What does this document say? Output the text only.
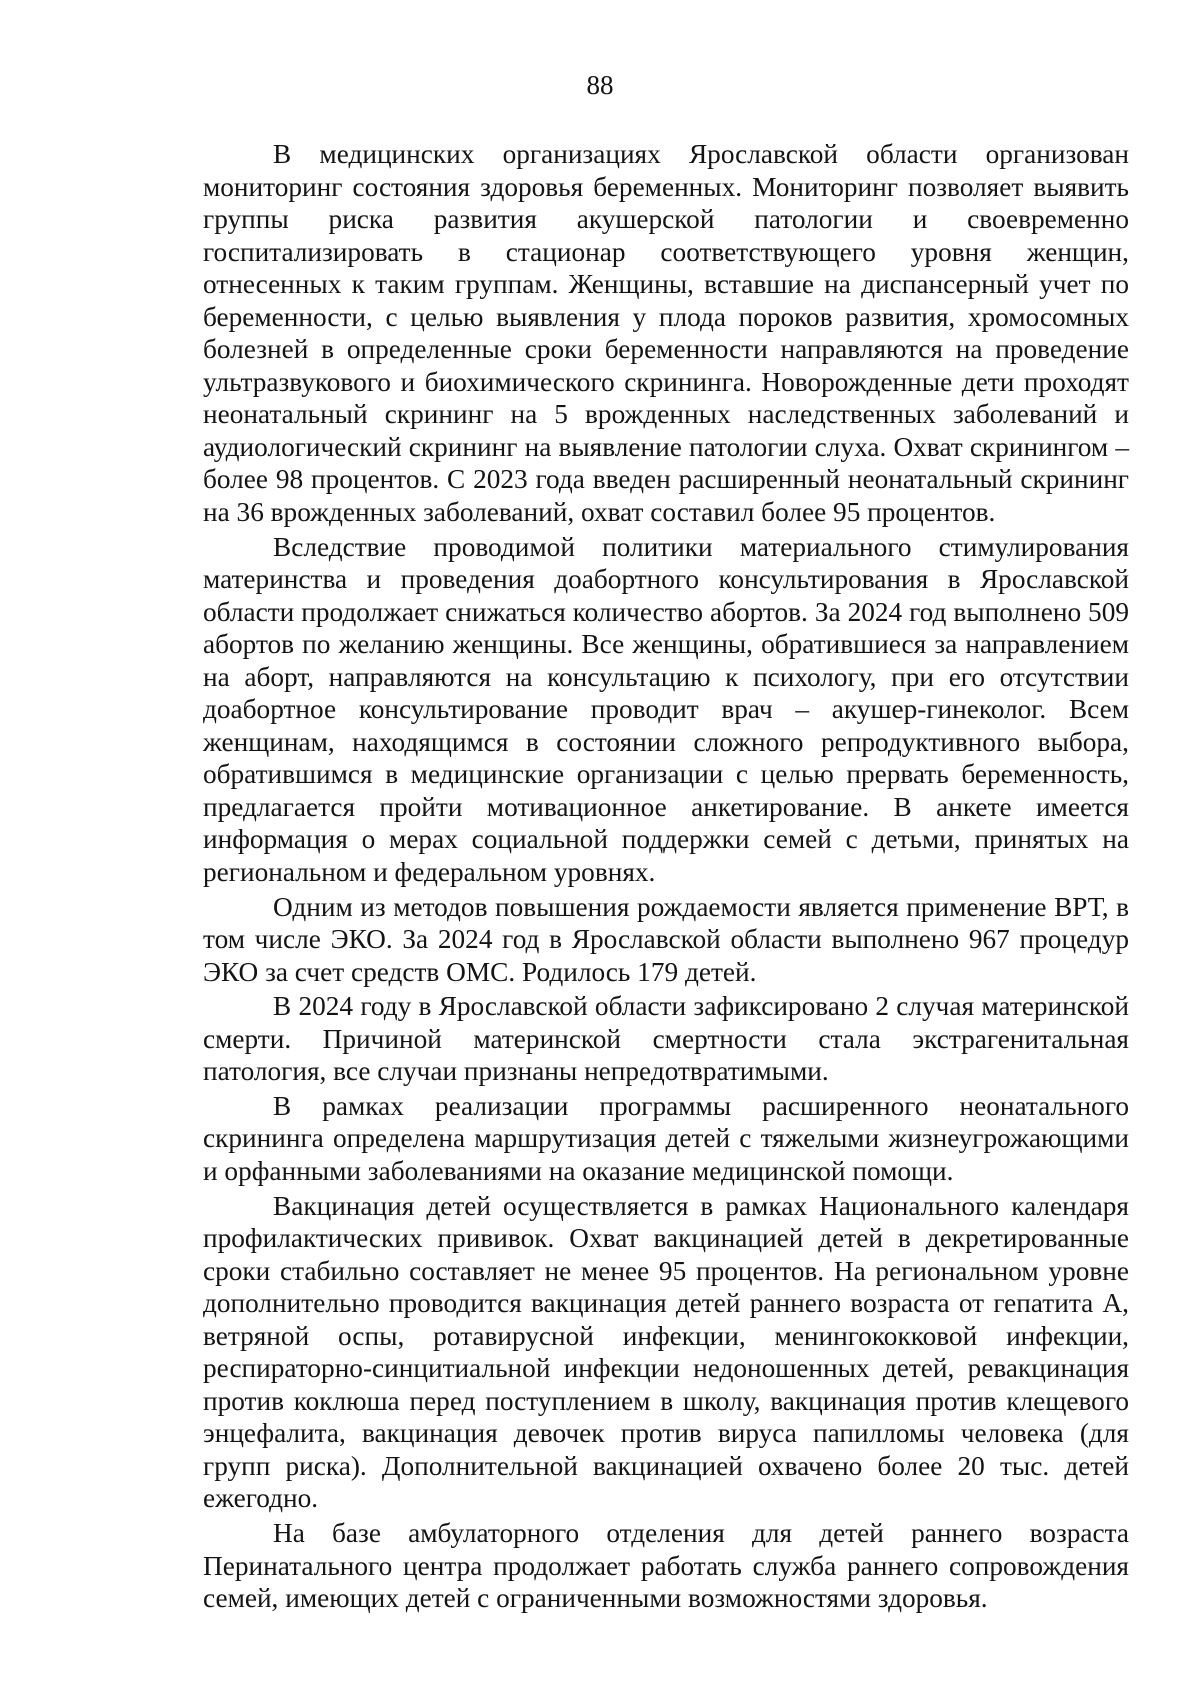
88

В медицинских организациях Ярославской области организован мониторинг состояния здоровья беременных. Мониторинг позволяет выявить группы риска развития акушерской патологии и своевременно госпитализировать в стационар соответствующего уровня женщин, отнесенных к таким группам. Женщины, вставшие на диспансерный учет по беременности, с целью выявления у плода пороков развития, хромосомных болезней в определенные сроки беременности направляются на проведение ультразвукового и биохимического скрининга. Новорожденные дети проходят неонатальный скрининг на 5 врожденных наследственных заболеваний и аудиологический скрининг на выявление патологии слуха. Охват скринингом – более 98 процентов. С 2023 года введен расширенный неонатальный скрининг на 36 врожденных заболеваний, охват составил более 95 процентов.

Вследствие проводимой политики материального стимулирования материнства и проведения доабортного консультирования в Ярославской области продолжает снижаться количество абортов. За 2024 год выполнено 509 абортов по желанию женщины. Все женщины, обратившиеся за направлением на аборт, направляются на консультацию к психологу, при его отсутствии доабортное консультирование проводит врач – акушер-гинеколог. Всем женщинам, находящимся в состоянии сложного репродуктивного выбора, обратившимся в медицинские организации с целью прервать беременность, предлагается пройти мотивационное анкетирование. В анкете имеется информация о мерах социальной поддержки семей с детьми, принятых на региональном и федеральном уровнях.

Одним из методов повышения рождаемости является применение ВРТ, в том числе ЭКО. За 2024 год в Ярославской области выполнено 967 процедур ЭКО за счет средств ОМС. Родилось 179 детей.

В 2024 году в Ярославской области зафиксировано 2 случая материнской смерти. Причиной материнской смертности стала экстрагенитальная патология, все случаи признаны непредотвратимыми.

В рамках реализации программы расширенного неонатального скрининга определена маршрутизация детей с тяжелыми жизнеугрожающими и орфанными заболеваниями на оказание медицинской помощи.

Вакцинация детей осуществляется в рамках Национального календаря профилактических прививок. Охват вакцинацией детей в декретированные сроки стабильно составляет не менее 95 процентов. На региональном уровне дополнительно проводится вакцинация детей раннего возраста от гепатита А, ветряной оспы, ротавирусной инфекции, менингококковой инфекции, респираторно-синцитиальной инфекции недоношенных детей, ревакцинация против коклюша перед поступлением в школу, вакцинация против клещевого энцефалита, вакцинация девочек против вируса папилломы человека (для групп риска). Дополнительной вакцинацией охвачено более 20 тыс. детей ежегодно.

На базе амбулаторного отделения для детей раннего возраста Перинатального центра продолжает работать служба раннего сопровождения семей, имеющих детей с ограниченными возможностями здоровья.
